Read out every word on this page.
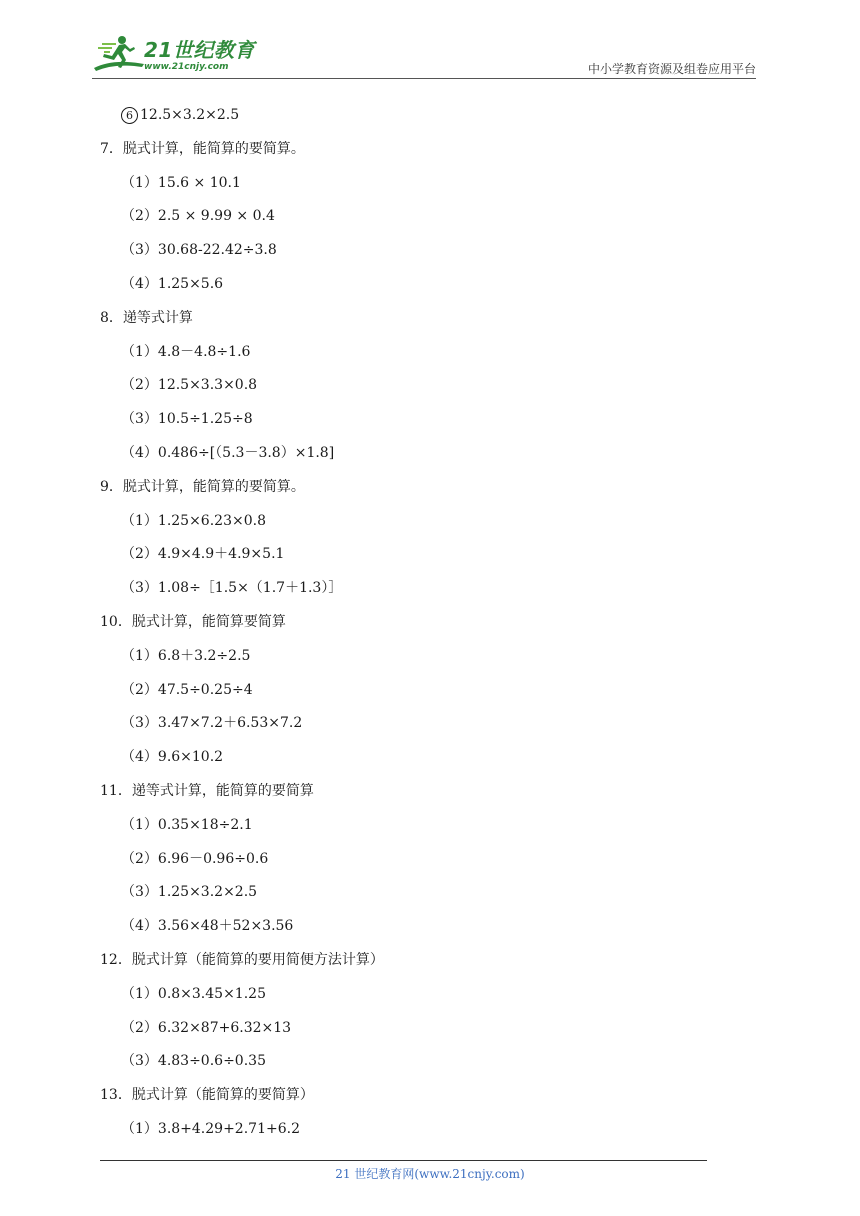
21世纪教育
www.21cnjy.com	中小学教育资源及组卷应用平台
6 12.5×3.2×2.5
7．脱式计算，能简算的要简算。
（1）15.6 × 10.1
（2）2.5 × 9.99 × 0.4
（3）30.68-22.42÷3.8
（4）1.25×5.6
8．递等式计算
（1）4.8－4.8÷1.6
（2）12.5×3.3×0.8
（3）10.5÷1.25÷8
（4）0.486÷[（5.3－3.8）×1.8]
9．脱式计算，能简算的要简算。
（1）1.25×6.23×0.8
（2）4.9×4.9＋4.9×5.1
（3）1.08÷［1.5×（1.7＋1.3）］
10．脱式计算，能简算要简算
（1）6.8＋3.2÷2.5
（2）47.5÷0.25÷4
（3）3.47×7.2＋6.53×7.2
（4）9.6×10.2
11．递等式计算，能简算的要简算
（1）0.35×18÷2.1
（2）6.96－0.96÷0.6
（3）1.25×3.2×2.5
（4）3.56×48＋52×3.56
12．脱式计算（能简算的要用简便方法计算）
（1）0.8×3.45×1.25
（2）6.32×87+6.32×13
（3）4.83÷0.6÷0.35
13．脱式计算（能简算的要简算）
（1）3.8+4.29+2.71+6.2
21 世纪教育网(www.21cnjy.com)
